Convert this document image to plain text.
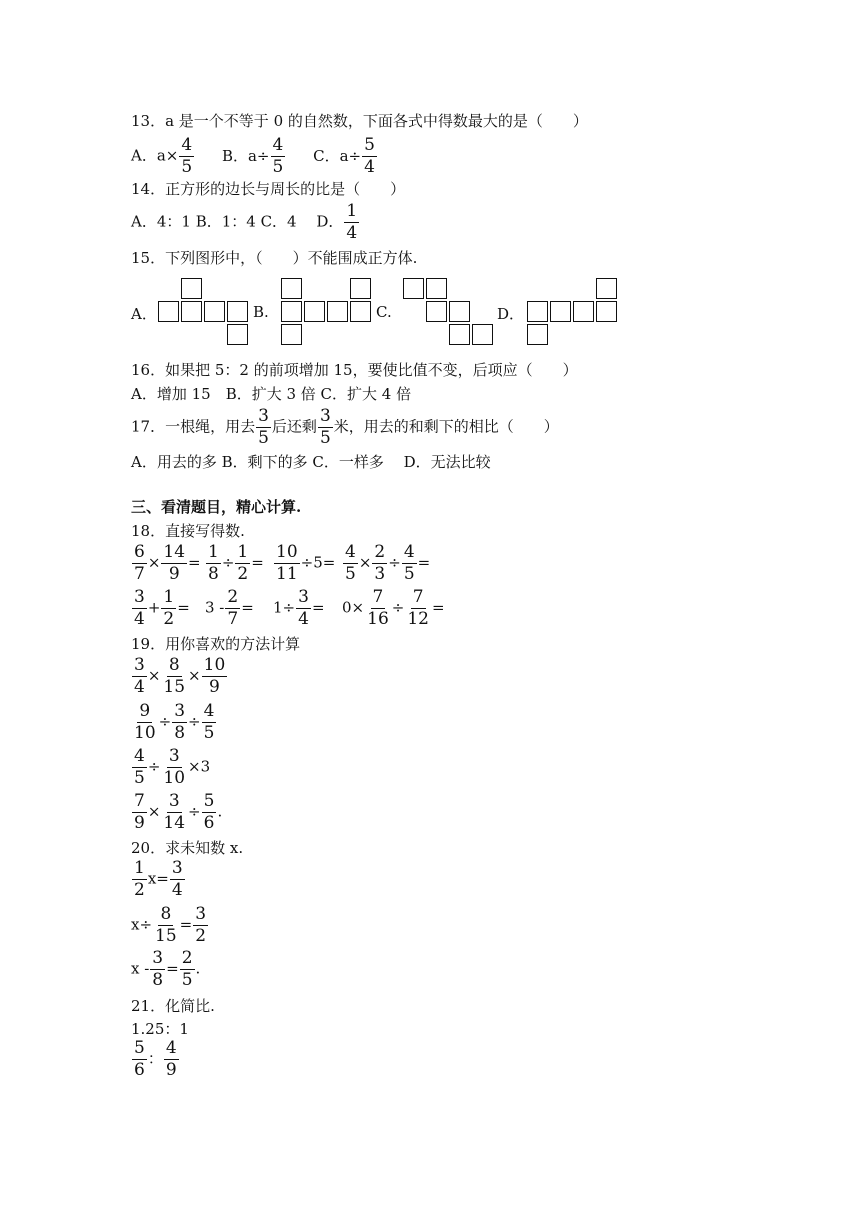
13．a 是一个不等于 0 的自然数，下面各式中得数最大的是（　　）
A．$a\times \frac{4}{5}$ B．$a\div \frac{4}{5}$ C．$a\div \frac{5}{4}$
14．正方形的边长与周长的比是（　　）
A．4：1 B．1：4 C．4　 D． $\frac{1}{4}$
15．下列图形中，（　　）不能围成正方体.
A．	B.	C.	D．
16．如果把 5：2 的前项增加 15，要使比值不变，后项应（　　）
A．增加 15　B．扩大 3 倍 C．扩大 4 倍
17．一根绳，用去 $\frac{3}{5}$ 后还剩 $\frac{3}{5}$ 米，用去的和剩下的相比（　　）
A．用去的多 B．剩下的多 C．一样多　 D．无法比较
三、看清题目，精心计算.
18．直接写得数.
$\frac{6}{7} \times \frac{14}{9} = \frac{1}{8} \div \frac{1}{2} = \frac{10}{11} \div 5= \frac{4}{5} \times \frac{2}{3} \div \frac{4}{5}$ =
$\frac{3}{4} + \frac{1}{2} = 3 - \frac{2}{7} = 1\div \frac{3}{4} = 0\times \frac{7}{16} \div \frac{7}{12}$ =
19．用你喜欢的方法计算
$\frac{3}{4} \times \frac{8}{15} \times \frac{10}{9}$
$\frac{9}{10} \div \frac{3}{8} \div \frac{4}{5}$
$\frac{4}{5} \div \frac{3}{10} \times 3$
$\frac{7}{9} \times \frac{3}{14} \div \frac{5}{6}$ .
20．求未知数 x.
$\frac{1}{2} x= \frac{3}{4}$
$x\div \frac{8}{15} = \frac{3}{2}$
$x - \frac{3}{8} = \frac{2}{5}$ .
21．化简比.
1.25：1
$\frac{5}{6}$ ： $\frac{4}{9}$
